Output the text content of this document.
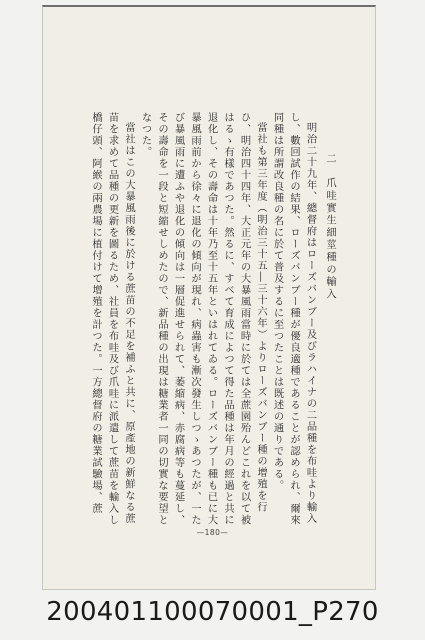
二　爪哇實生細莖種の輸入

明治二十九年、總督府はローズバンブー及びラハイナの二品種を布哇より輸入し、數回試作の結果、ローズバンブー種が優良適種であることが認められ、爾來同種は所謂改良種の名に於て普及するに至つたことは既述の通りである。

當社も第三年度（明治三十五―三十六年）よりローズバンブー種の增殖を行ひ、明治四十四年、大正元年の大暴風雨當時に於ては全蔗園殆んどこれを以て被はるゝ有樣であつた。然るに、すべて育成によつて得た品種は年月の經過と共に退化し、その壽命は十年乃至十五年といはれてゐる。ローズバンブー種も已に大暴風雨前から徐々に退化の傾向が現れ、病蟲害も漸次發生しつゝあつたが、一たび暴風雨に遭ふや退化の傾向は一層促進せられて、萎縮病、赤腐病等も蔓延し、その壽命を一段と短縮せしめたので、新品種の出現は糖業者一同の切實な要望となつた。

當社はこの大暴風雨後に於ける蔗苗の不足を補ふと共に、原產地の新鮮なる蔗苗を求めて品種の更新を圖るため、社員を布哇及び爪哇に派遣して蔗苗を輸入し橋仔頭、阿緱の兩農場に植付けて增殖を計つた。一方總督府の糖業試驗場、蔗

—180—
200401100070001_P270
